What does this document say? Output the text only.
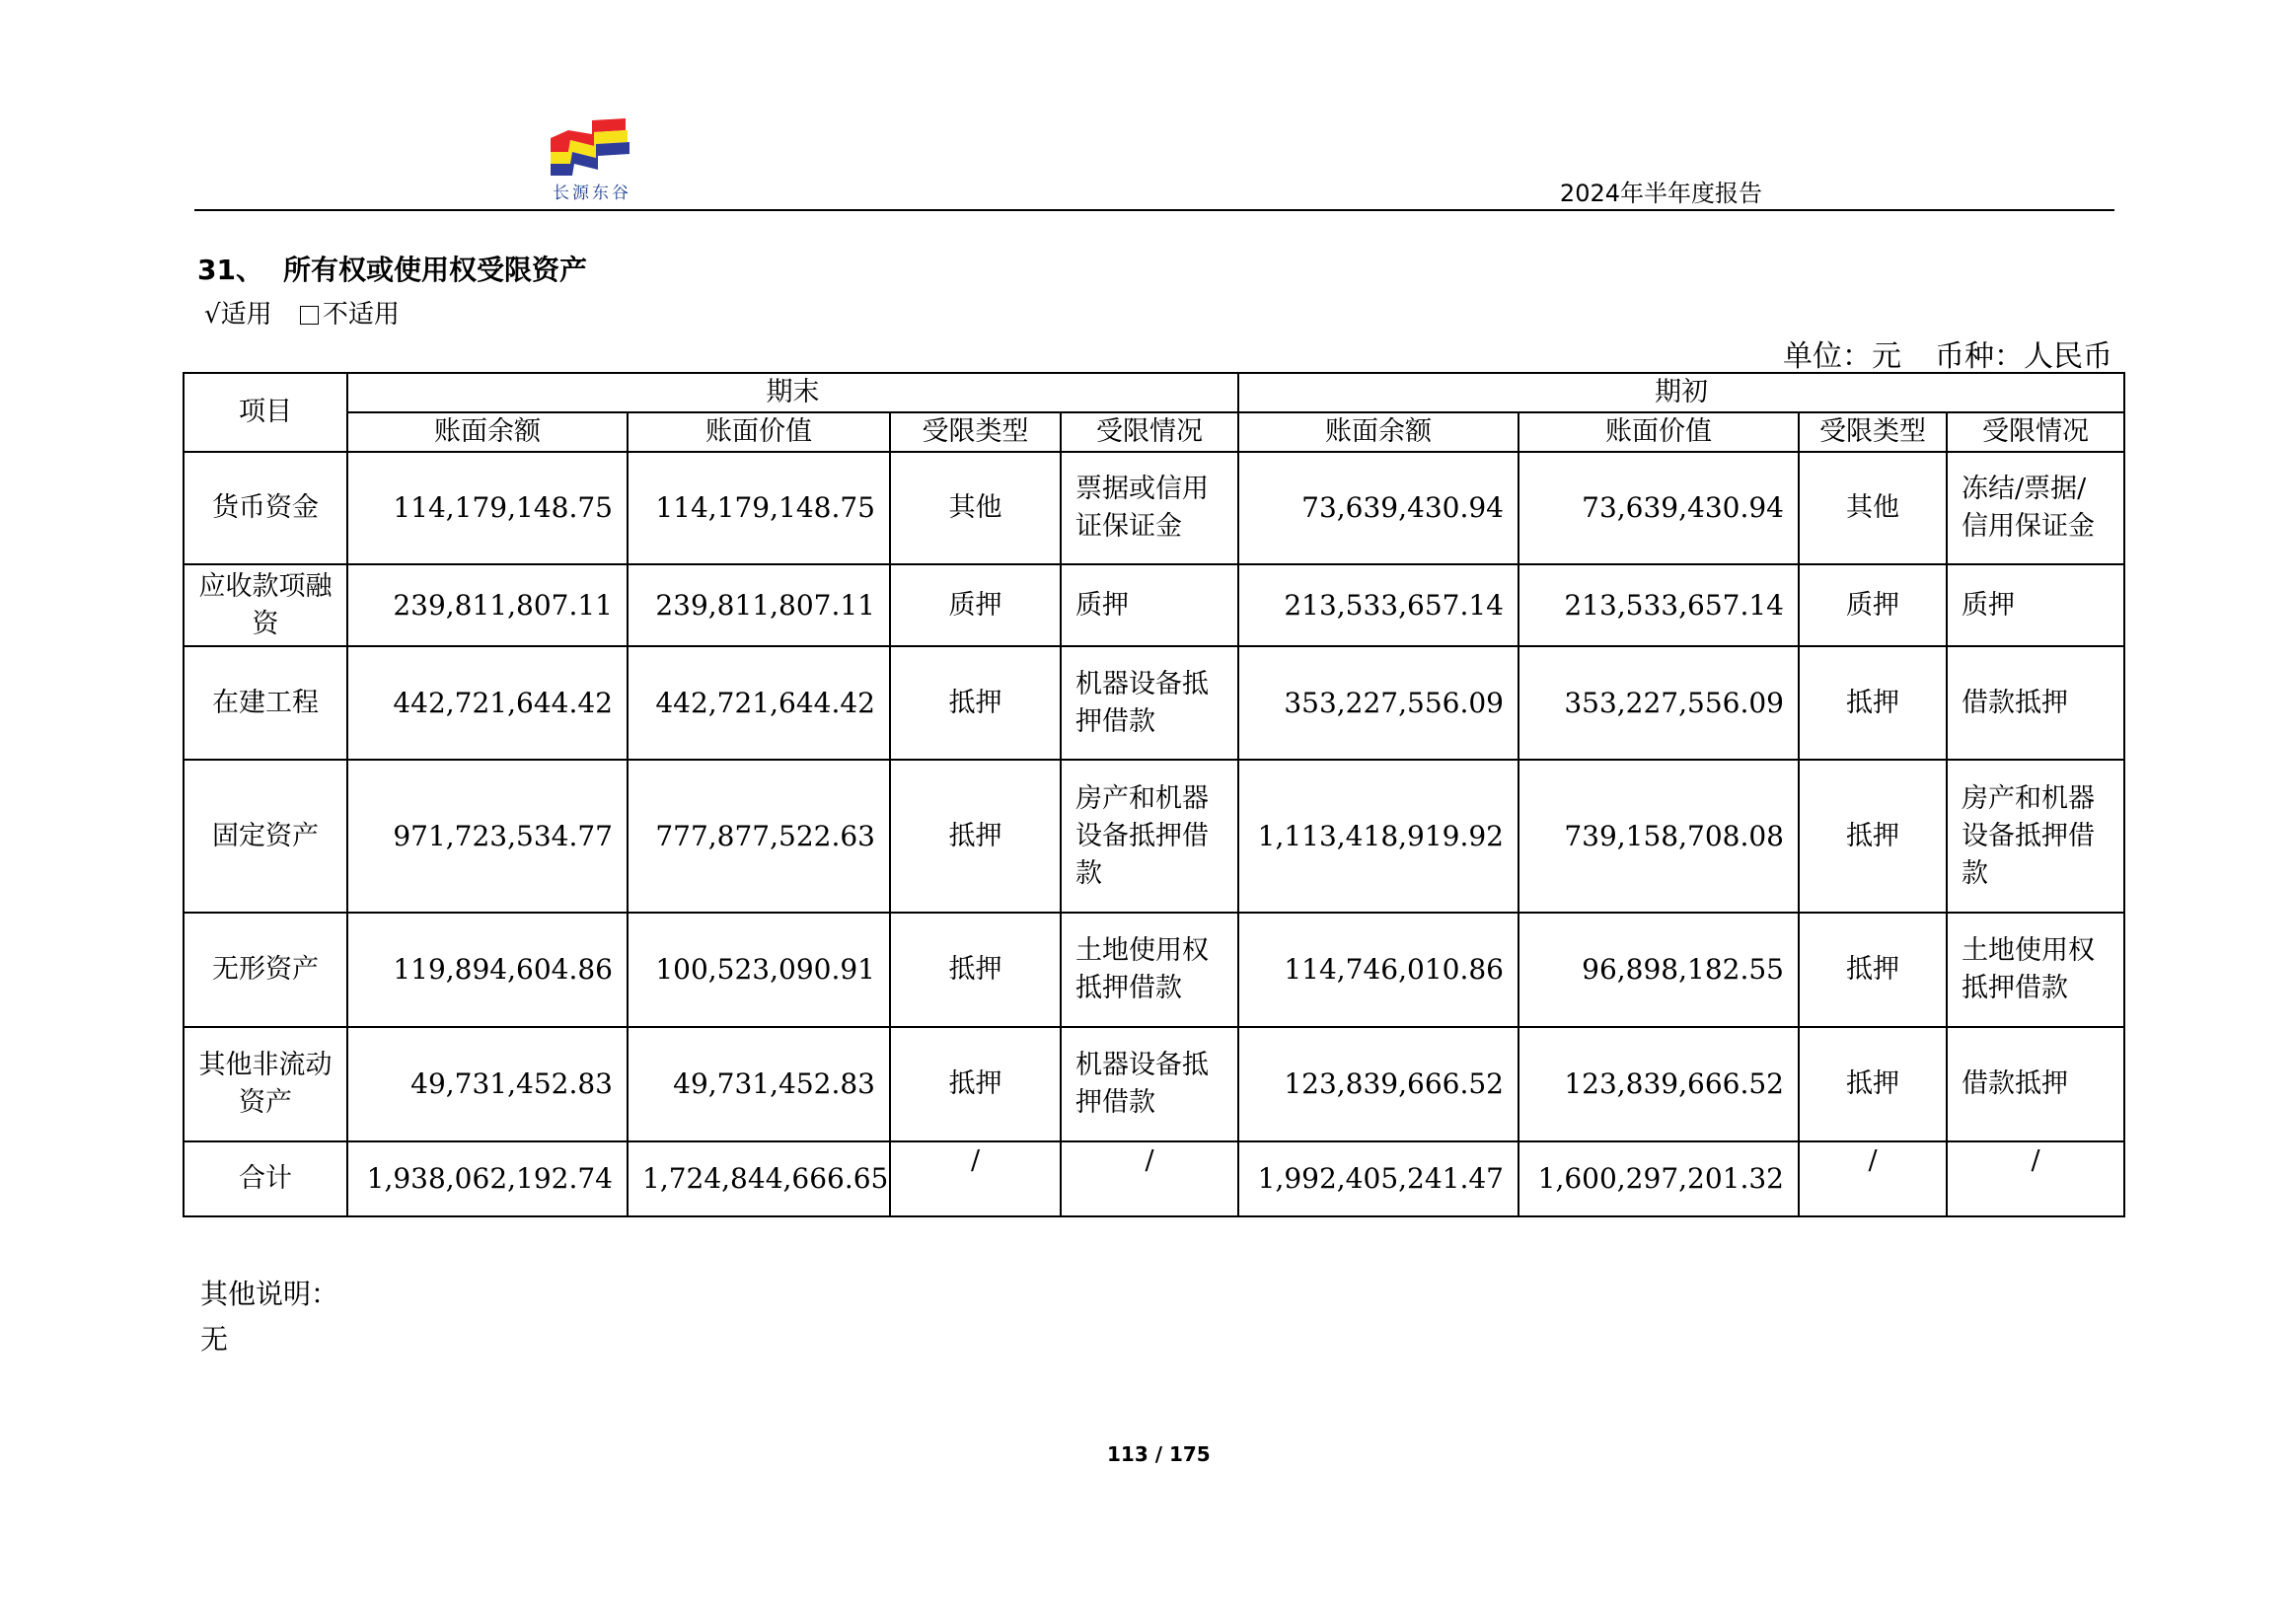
长源东谷	2024年半年度报告
31、 所有权或使用权受限资产
√适用 不适用
单位：元 币种：人民币
项目	期末				期初			
	账面余额	账面价值	受限类型	受限情况	账面余额	账面价值	受限类型	受限情况
货币资金	114,179,148.75	114,179,148.75	其他	票据或信用证保证金	73,639,430.94	73,639,430.94	其他	冻结/票据/信用保证金
应收款项融资	239,811,807.11	239,811,807.11	质押	质押	213,533,657.14	213,533,657.14	质押	质押
在建工程	442,721,644.42	442,721,644.42	抵押	机器设备抵押借款	353,227,556.09	353,227,556.09	抵押	借款抵押
固定资产	971,723,534.77	777,877,522.63	抵押	房产和机器设备抵押借款	1,113,418,919.92	739,158,708.08	抵押	房产和机器设备抵押借款
无形资产	119,894,604.86	100,523,090.91	抵押	土地使用权抵押借款	114,746,010.86	96,898,182.55	抵押	土地使用权抵押借款
其他非流动资产	49,731,452.83	49,731,452.83	抵押	机器设备抵押借款	123,839,666.52	123,839,666.52	抵押	借款抵押
合计	1,938,062,192.74	1,724,844,666.65	/	/	1,992,405,241.47	1,600,297,201.32	/	/
其他说明：
无
113 / 175
